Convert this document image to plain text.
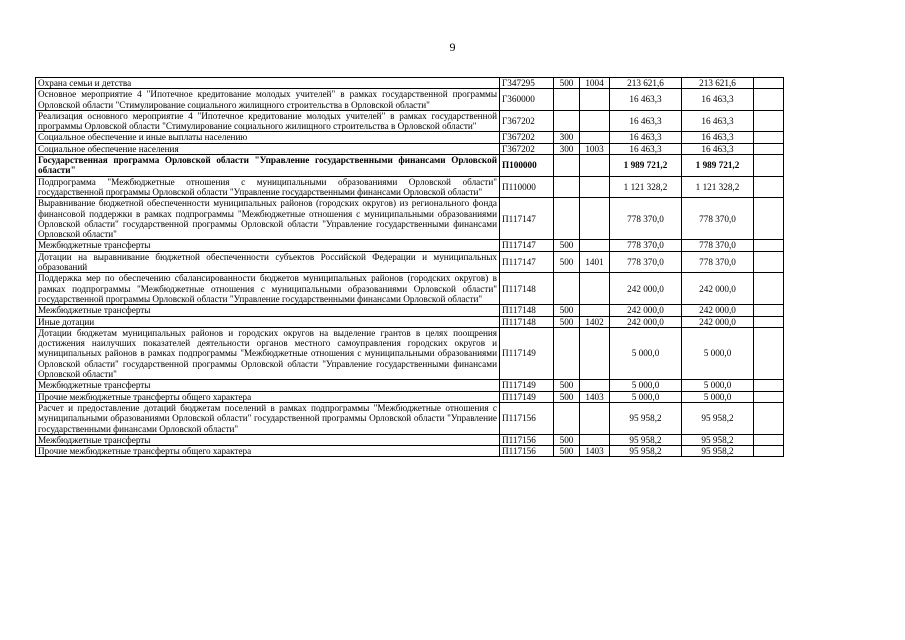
9
Охрана семьи и детства	Г347295	500	1004	213 621,6	213 621,6	
Основное мероприятие 4 "Ипотечное кредитование молодых учителей" в рамках государственной программы Орловской области "Стимулирование социального жилищного строительства в Орловской области"	Г360000			16 463,3	16 463,3	
Реализация основного мероприятие 4 "Ипотечное кредитование молодых учителей" в рамках государственной программы Орловской области "Стимулирование социального жилищного строительства в Орловской области"	Г367202			16 463,3	16 463,3	
Социальное обеспечение и иные выплаты населению	Г367202	300		16 463,3	16 463,3	
Социальное обеспечение населения	Г367202	300	1003	16 463,3	16 463,3	
Государственная программа Орловской области "Управление государственными финансами Орловской области"	П100000			1 989 721,2	1 989 721,2	
Подпрограмма "Межбюджетные отношения с муниципальными образованиями Орловской области" государственной программы Орловской области "Управление государственными финансами Орловской области"	П110000			1 121 328,2	1 121 328,2	
Выравнивание бюджетной обеспеченности муниципальных районов (городских округов) из регионального фонда финансовой поддержки в рамках подпрограммы "Межбюджетные отношения с муниципальными образованиями Орловской области" государственной программы Орловской области "Управление государственными финансами Орловской области"	П117147			778 370,0	778 370,0	
Межбюджетные трансферты	П117147	500		778 370,0	778 370,0	
Дотации на выравнивание бюджетной обеспеченности субъектов Российской Федерации и муниципальных образований	П117147	500	1401	778 370,0	778 370,0	
Поддержка мер по обеспечению сбалансированности бюджетов муниципальных районов (городских округов) в рамках подпрограммы "Межбюджетные отношения с муниципальными образованиями Орловской области" государственной программы Орловской области "Управление государственными финансами Орловской области"	П117148			242 000,0	242 000,0	
Межбюджетные трансферты	П117148	500		242 000,0	242 000,0	
Иные дотации	П117148	500	1402	242 000,0	242 000,0	
Дотации бюджетам муниципальных районов и городских округов на выделение грантов в целях поощрения достижения наилучших показателей деятельности органов местного самоуправления городских округов и муниципальных районов в рамках подпрограммы "Межбюджетные отношения с муниципальными образованиями Орловской области" государственной программы Орловской области "Управление государственными финансами Орловской области"	П117149			5 000,0	5 000,0	
Межбюджетные трансферты	П117149	500		5 000,0	5 000,0	
Прочие межбюджетные трансферты общего характера	П117149	500	1403	5 000,0	5 000,0	
Расчет и предоставление дотаций бюджетам поселений в рамках подпрограммы "Межбюджетные отношения с муниципальными образованиями Орловской области" государственной программы Орловской области "Управление государственными финансами Орловской области"	П117156			95 958,2	95 958,2	
Межбюджетные трансферты	П117156	500		95 958,2	95 958,2	
Прочие межбюджетные трансферты общего характера	П117156	500	1403	95 958,2	95 958,2	
